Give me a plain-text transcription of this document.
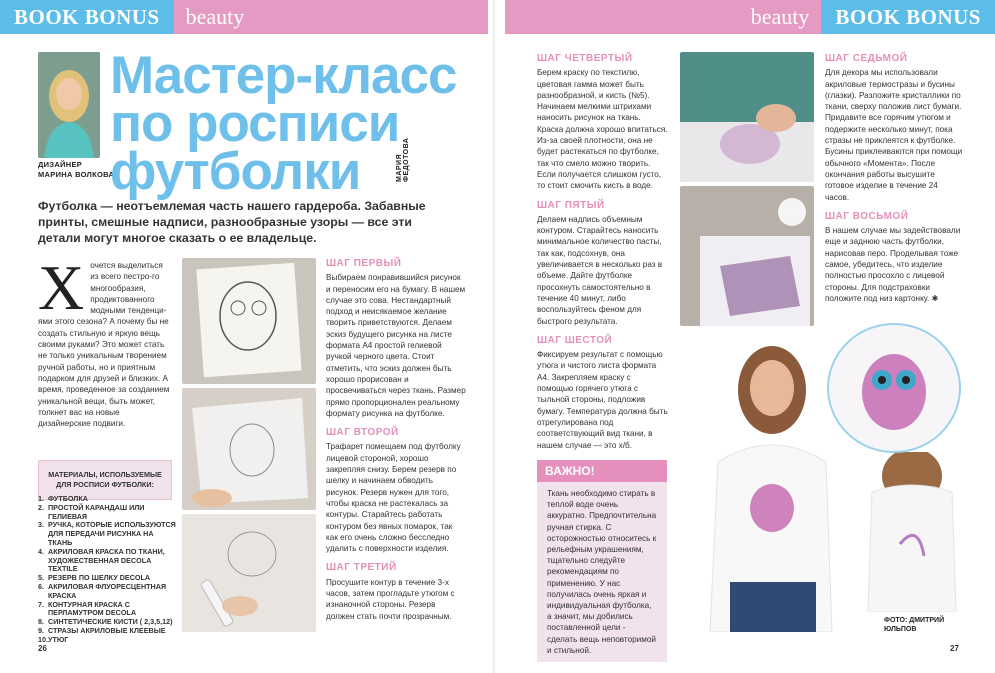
BOOK BONUS	beauty	beauty	BOOK BONUS
ДИЗАЙНЕР
МАРИНА ВОЛКОВА
Мастер-класс
по росписи
футболки	МАРИЯ ФЕДОТОВА
Футболка — неотъемлемая часть нашего гардероба. Забавные принты, смешные надписи, разнообразные узоры — все эти детали могут многое сказать о ее владельце.
Хочется выделиться из всего пестро-го многообразия, продиктованного модными тенденци-ями этого сезона? А почему бы не создать стильную и яркую вещь своими руками? Это может стать не только уникальным творением ручной работы, но и приятным подарком для друзей и близких. А время, проведенное за созданием уникальной вещи, быть может, толкнет вас на новые дизайнерские подвиги.
МАТЕРИАЛЫ, ИСПОЛЬЗУЕМЫЕ ДЛЯ РОСПИСИ ФУТБОЛКИ:
1. ФУТБОЛКА
2. ПРОСТОЙ КАРАНДАШ ИЛИ ГЕЛИЕВАЯ
3. РУЧКА, КОТОРЫЕ ИСПОЛЬЗУЮТСЯ ДЛЯ ПЕРЕДАЧИ РИСУНКА НА ТКАНЬ
4. АКРИЛОВАЯ КРАСКА ПО ТКАНИ, ХУДОЖЕСТВЕННАЯ DECOLA TEXTILE
5. РЕЗЕРВ ПО ШЕЛКУ DECOLA
6. АКРИЛОВАЯ ФЛУОРЕСЦЕНТНАЯ КРАСКА
7. КОНТУРНАЯ КРАСКА С ПЕРЛАМУТРОМ DECOLA
8. СИНТЕТИЧЕСКИЕ КИСТИ ( 2,3,5,12)
9. СТРАЗЫ АКРИЛОВЫЕ КЛЕЕВЫЕ
10. УТЮГ
ШАГ ПЕРВЫЙ
Выбираем понравившийся рисунок и переносим его на бумагу. В нашем случае это сова. Нестандартный подход и неисякаемое желание творить приветствуются. Делаем эскиз будущего рисунка на листе формата А4 простой гелиевой ручкой черного цвета. Стоит отметить, что эскиз должен быть хорошо прорисован и просвечиваться через ткань. Размер прямо пропорционален реальному формату рисунка на футболке.
ШАГ ВТОРОЙ
Трафарет помещаем под футболку лицевой стороной, хорошо закрепляя снизу. Берем резерв по шелку и начинаем обводить рисунок. Резерв нужен для того, чтобы краска не растекалась за контуры. Старайтесь работать контуром без явных помарок, так как его очень сложно бесследно удалить с поверхности изделия.
ШАГ ТРЕТИЙ
Просушите контур в течение 3-х часов, затем прогладьте утюгом с изнаночной стороны. Резерв должен стать почти прозрачным.
ШАГ ЧЕТВЕРТЫЙ
Берем краску по текстилю, цветовая гамма может быть разнообразной, и кисть (№5). Начинаем мелкими штрихами наносить рисунок на ткань. Краска должна хорошо впитаться. Из-за своей плотности, она не будет растекаться по футболке, так что смело можно творить. Если получается слишком густо, то стоит смочить кисть в воде.
ШАГ ПЯТЫЙ
Делаем надпись объемным контуром. Старайтесь наносить минимальное количество пасты, так как, подсохнув, она увеличивается в несколько раз в объеме. Дайте футболке просохнуть самостоятельно в течение 40 минут, либо воспользуйтесь феном для быстрого результата.
ШАГ ШЕСТОЙ
Фиксируем результат с помощью утюга и чистого листа формата А4. Закрепляем краску с помощью горячего утюга с тыльной стороны, подложив бумагу. Температура должна быть отрегулирована под соответствующий вид ткани, в нашем случае — это х/б.
ВАЖНО!
Ткань необходимо стирать в теплой воде очень аккуратно. Предпочтительна ручная стирка. С осторожностью относитесь к рельефным украшениям, тщательно следуйте рекомендациям по применению. У нас получилась очень яркая и индивидуальная футболка, а значит, мы добились поставленной цели - сделать вещь неповторимой и стильной.
ШАГ СЕДЬМОЙ
Для декора мы использовали акриловые термостразы и бусины (глазки). Разложите кристаллики по ткани, сверху положив лист бумаги. Придавите все горячим утюгом и подержите несколько минут, пока стразы не приклеятся к футболке. Бусины приклеиваются при помощи обычного «Момента». После окончания работы высушите готовое изделие в течение 24 часов.
ШАГ ВОСЬМОЙ
В нашем случае мы задействовали еще и заднюю часть футболки, нарисовав перо. Проделывая тоже самое, убедитесь, что изделие полностью просохло с лицевой стороны. Для подстраховки положите под низ картонку. ✱
ФОТО: ДМИТРИЙ ЮЛЬПОВ
26	27
